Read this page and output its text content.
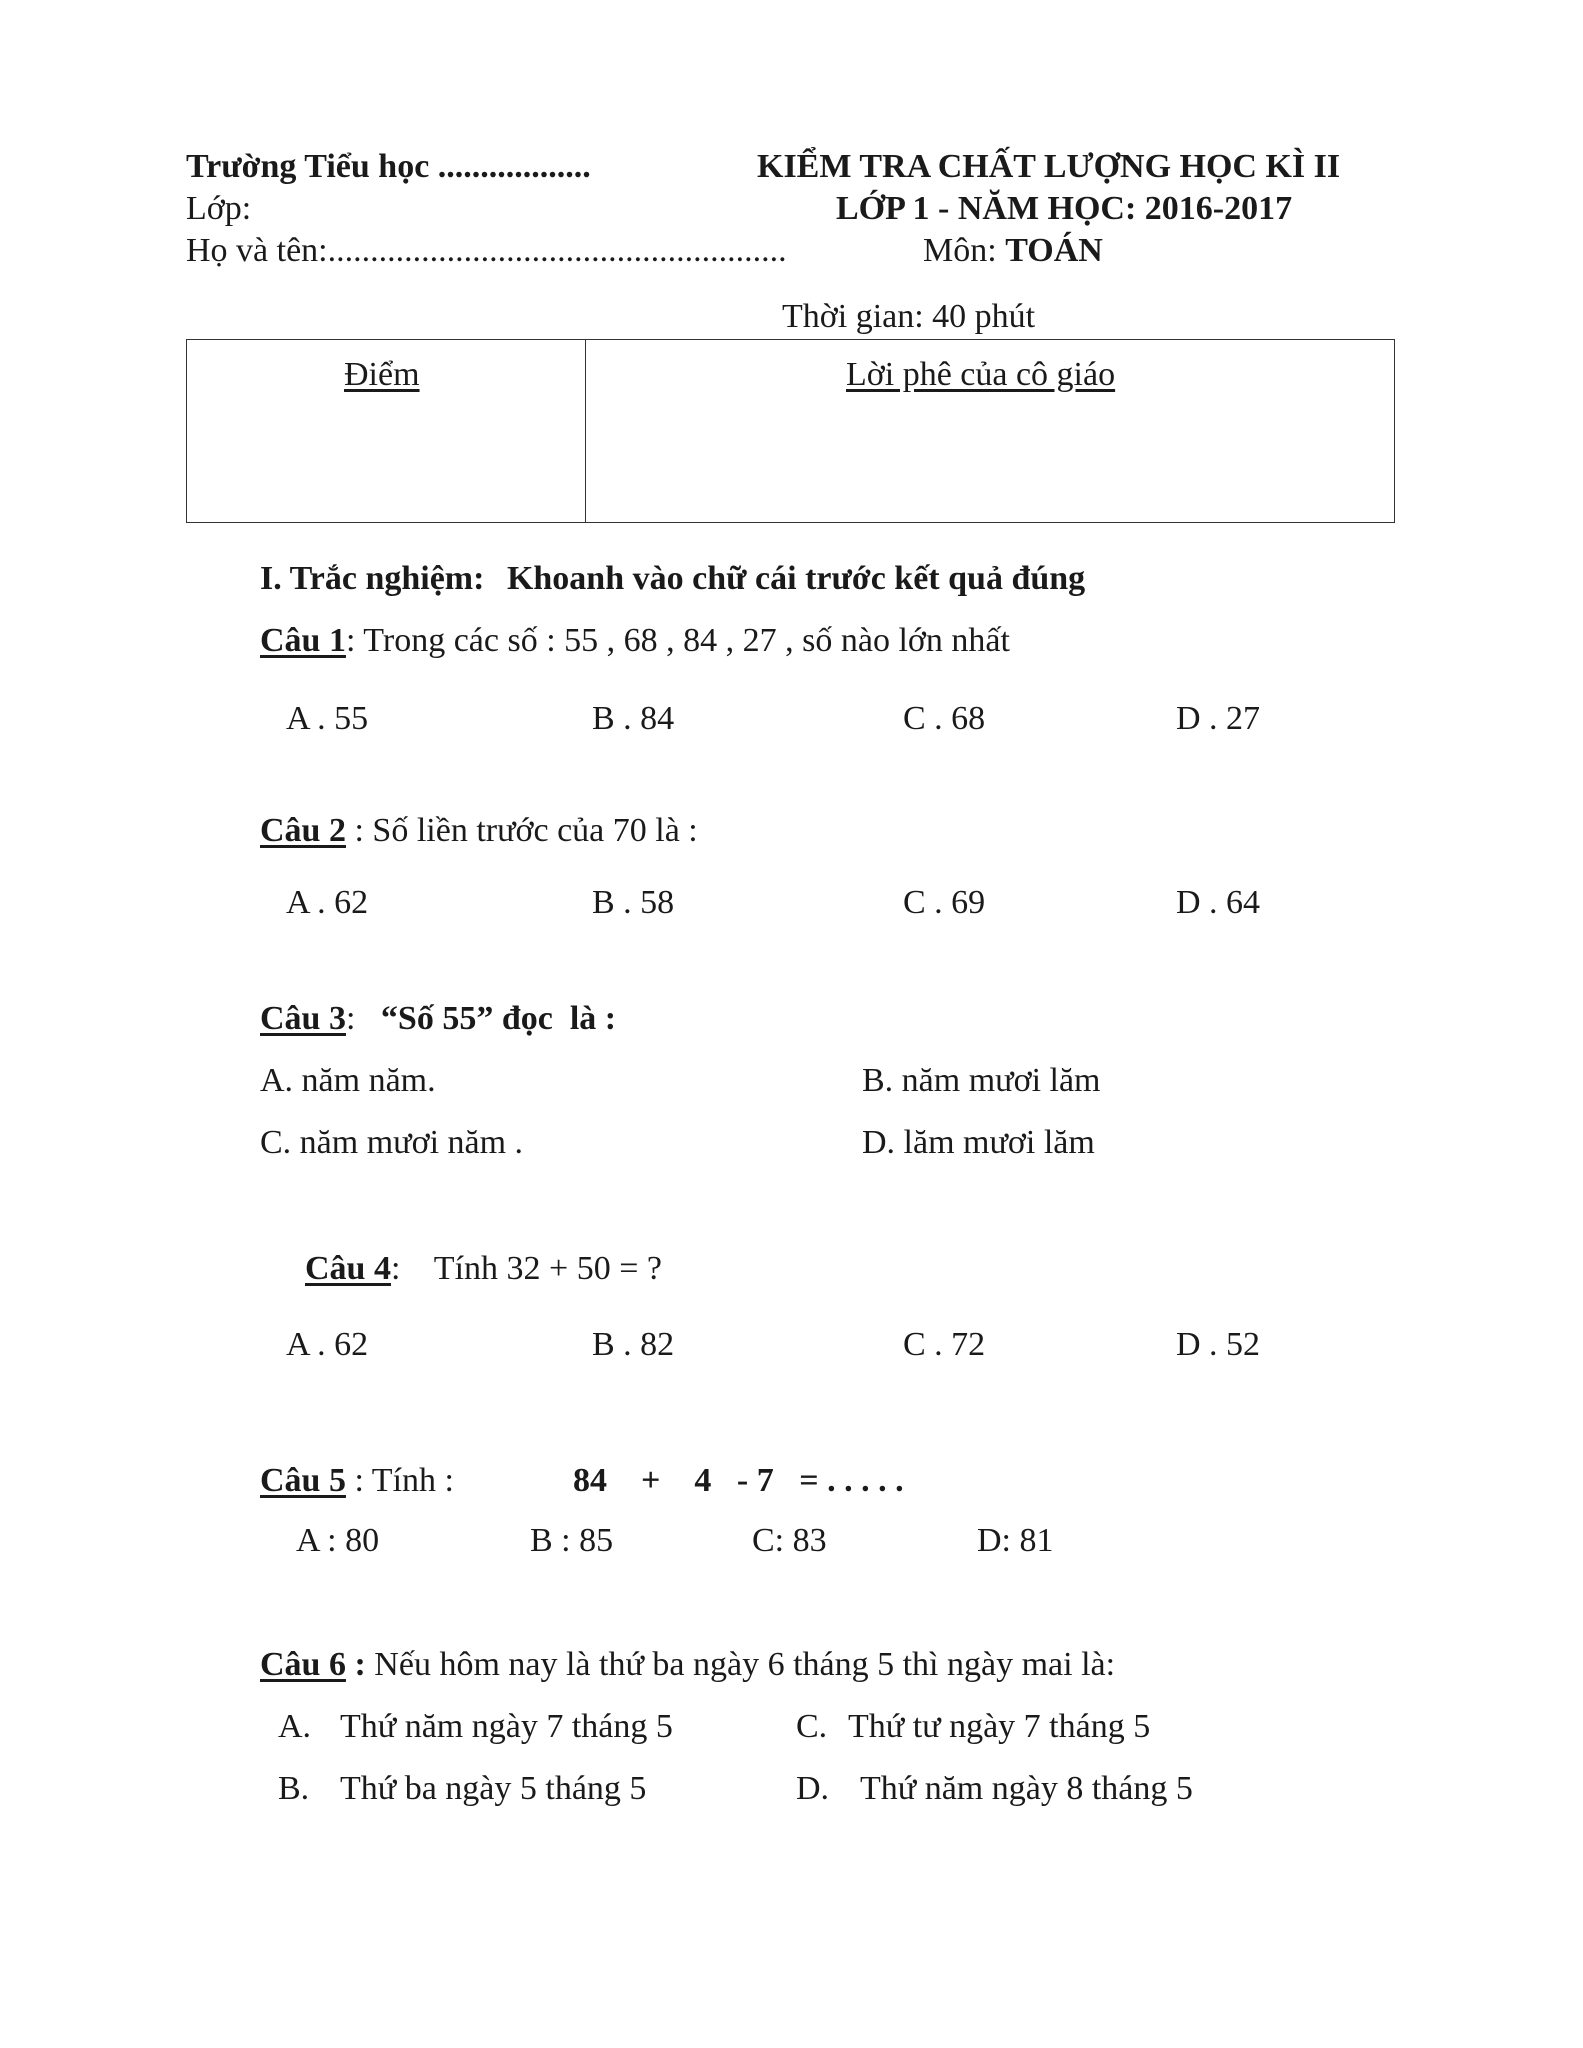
Trường Tiểu học ..................
Lớp:
Họ và tên:......................................................
KIỂM TRA CHẤT LƯỢNG HỌC KÌ II
LỚP 1 - NĂM HỌC: 2016-2017
Môn: TOÁN
Thời gian: 40 phút
Điểm	Lời phê của cô giáo
I. Trắc nghiệm: Khoanh vào chữ cái trước kết quả đúng
Câu 1: Trong các số : 55 , 68 , 84 , 27 , số nào lớn nhất
A . 55	B . 84	C . 68	D . 27
Câu 2 : Số liền trước của 70 là :
A . 62	B . 58	C . 69	D . 64
Câu 3:   “Số 55” đọc  là :
A. năm năm.	B. năm mươi lăm
C. năm mươi năm .	D. lăm mươi lăm
Câu 4:    Tính 32 + 50 = ?
A . 62	B . 82	C . 72	D . 52
Câu 5 : Tính :	84    +    4   - 7   = . . . . .
A : 80	B : 85	C: 83	D: 81
Câu 6 : Nếu hôm nay là thứ ba ngày 6 tháng 5 thì ngày mai là:
A. Thứ năm ngày 7 tháng 5	C. Thứ tư ngày 7 tháng 5
B. Thứ ba ngày 5 tháng 5	D. Thứ năm ngày 8 tháng 5
